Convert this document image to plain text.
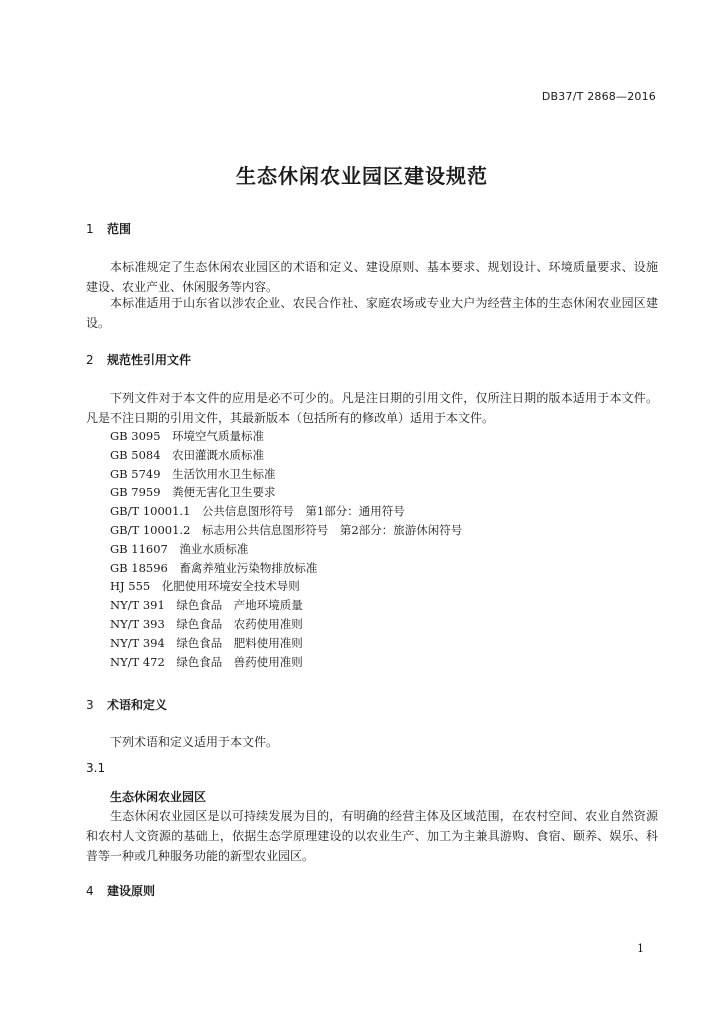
DB37/T 2868—2016
生态休闲农业园区建设规范
1 范围
本标准规定了生态休闲农业园区的术语和定义、建设原则、基本要求、规划设计、环境质量要求、设施建设、农业产业、休闲服务等内容。
本标准适用于山东省以涉农企业、农民合作社、家庭农场或专业大户为经营主体的生态休闲农业园区建设。
2 规范性引用文件
下列文件对于本文件的应用是必不可少的。凡是注日期的引用文件，仅所注日期的版本适用于本文件。凡是不注日期的引用文件，其最新版本（包括所有的修改单）适用于本文件。
GB 3095　 环境空气质量标准
GB 5084　 农田灌溉水质标准
GB 5749　 生活饮用水卫生标准
GB 7959　 粪便无害化卫生要求
GB/T 10001.1　 公共信息图形符号　第1部分：通用符号
GB/T 10001.2　 标志用公共信息图形符号　第2部分：旅游休闲符号
GB 11607　 渔业水质标准
GB 18596　 畜禽养殖业污染物排放标准
HJ 555　 化肥使用环境安全技术导则
NY/T 391　 绿色食品　产地环境质量
NY/T 393　 绿色食品　农药使用准则
NY/T 394　 绿色食品　肥料使用准则
NY/T 472　 绿色食品　兽药使用准则
3 术语和定义
下列术语和定义适用于本文件。
3.1
生态休闲农业园区
生态休闲农业园区是以可持续发展为目的，有明确的经营主体及区域范围，在农村空间、农业自然资源和农村人文资源的基础上，依据生态学原理建设的以农业生产、加工为主兼具游购、食宿、颐养、娱乐、科普等一种或几种服务功能的新型农业园区。
4 建设原则
1
